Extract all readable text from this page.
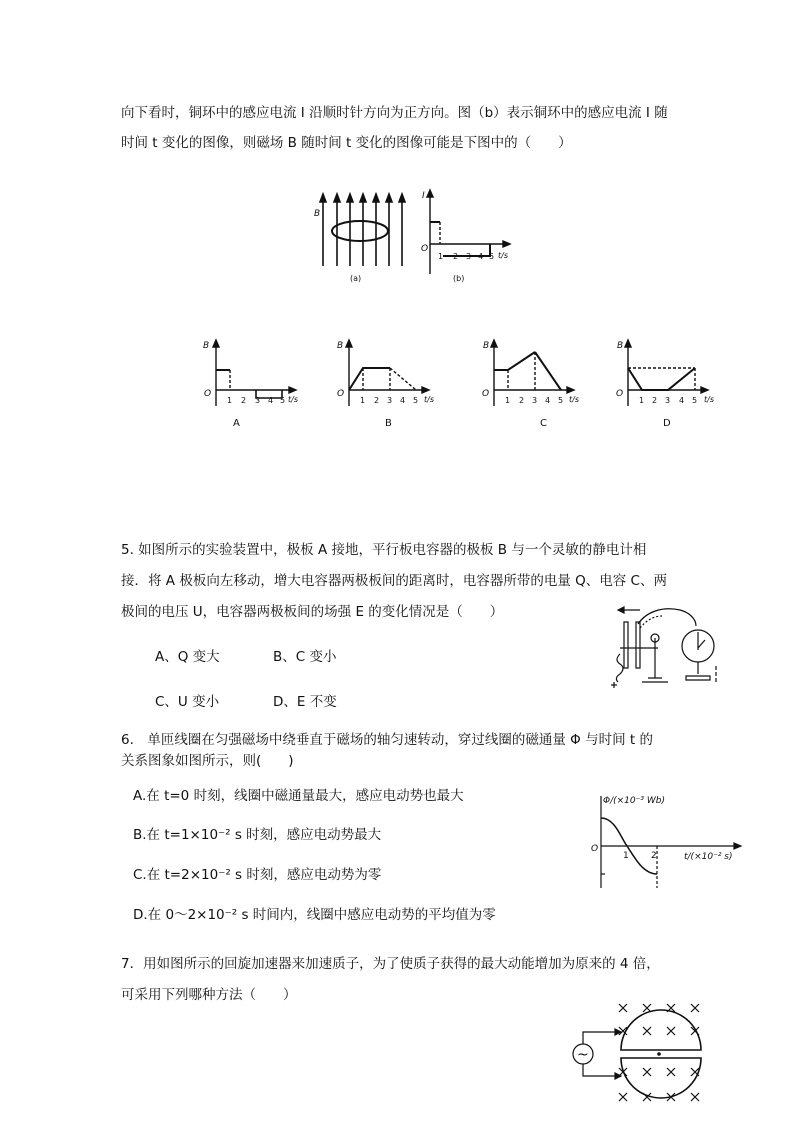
向下看时，铜环中的感应电流 I 沿顺时针方向为正方向。图（b）表示铜环中的感应电流 I 随
时间 t 变化的图像，则磁场 B 随时间 t 变化的图像可能是下图中的（　　）
B
(a)
I
O
1 2 3 4 5 t/s
(b)
B
O
1 2 3 4 5 t/s
A
B
O
1 2 3 4 5 t/s
B
B
O
1 2 3 4 5 t/s
C
B
O
1 2 3 4 5 t/s
D
5. 如图所示的实验装置中，极板 A 接地，平行板电容器的极板 B 与一个灵敏的静电计相
接．将 A 极板向左移动，增大电容器两极板间的距离时，电容器所带的电量 Q、电容 C、两
极间的电压 U，电容器两极板间的场强 E 的变化情况是（　　）
A、Q 变大	B、C 变小
C、U 变小	D、E 不变
6.　单匝线圈在匀强磁场中绕垂直于磁场的轴匀速转动，穿过线圈的磁通量 Φ 与时间 t 的
关系图象如图所示，则(　　)
A.在 t=0 时刻，线圈中磁通量最大，感应电动势也最大
B.在 t=1×10⁻² s 时刻，感应电动势最大
C.在 t=2×10⁻² s 时刻，感应电动势为零
D.在 0～2×10⁻² s 时间内，线圈中感应电动势的平均值为零
Φ/(×10⁻³ Wb)
O
1 2	t/(×10⁻² s)
7．用如图所示的回旋加速器来加速质子，为了使质子获得的最大动能增加为原来的 4 倍，
可采用下列哪种方法（　　）
~
